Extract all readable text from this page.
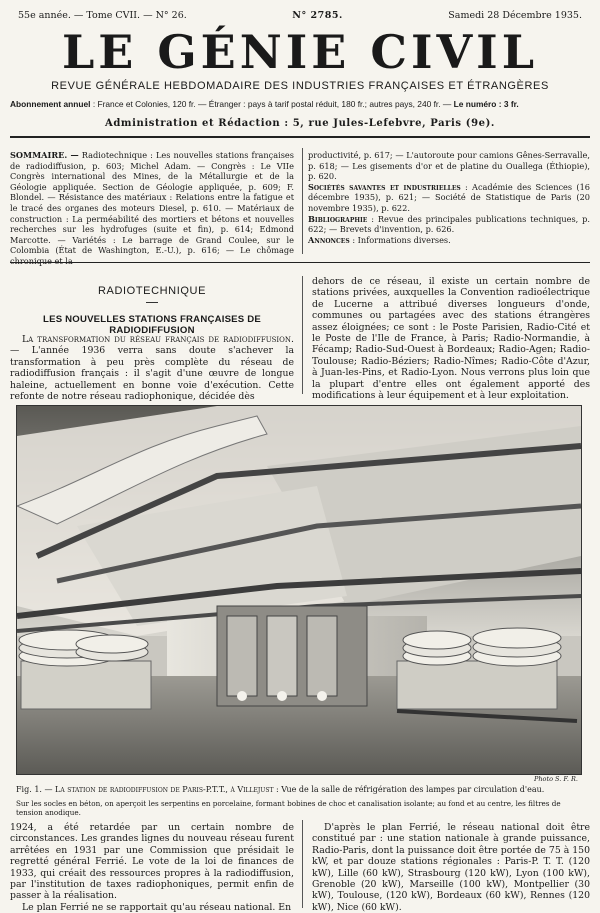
55e année. — Tome CVII. — N° 26.	N° 2785.	Samedi 28 Décembre 1935.
LE GÉNIE CIVIL
REVUE GÉNÉRALE HEBDOMADAIRE DES INDUSTRIES FRANÇAISES ET ÉTRANGÈRES
Abonnement annuel : France et Colonies, 120 fr. — Étranger : pays à tarif postal réduit, 180 fr.; autres pays, 240 fr. — Le numéro : 3 fr.
Administration et Rédaction : 5, rue Jules-Lefebvre, Paris (9e).
SOMMAIRE. — Radiotechnique : Les nouvelles stations françaises de radiodiffusion, p. 603; Michel Adam. — Congrès : Le VIIe Congrès international des Mines, de la Métallurgie et de la Géologie appliquée. Section de Géologie appliquée, p. 609; F. Blondel. — Résistance des matériaux : Relations entre la fatigue et le tracé des organes des moteurs Diesel, p. 610. — Matériaux de construction : La perméabilité des mortiers et bétons et nouvelles recherches sur les hydrofuges (suite et fin), p. 614; Edmond Marcotte. — Variétés : Le barrage de Grand Coulee, sur le Colombia (État de Washington, E.-U.), p. 616; — Le chômage chronique et la
productivité, p. 617; — L'autoroute pour camions Gênes-Serravalle, p. 618; — Les gisements d'or et de platine du Ouallega (Éthiopie), p. 620.
Sociétés savantes et industrielles : Académie des Sciences (16 décembre 1935), p. 621; — Société de Statistique de Paris (20 novembre 1935), p. 622.
Bibliographie : Revue des principales publications techniques, p. 622; — Brevets d'invention, p. 626.
Annonces : Informations diverses.
RADIOTECHNIQUE
LES NOUVELLES STATIONS FRANÇAISES DE RADIODIFFUSION
La transformation du réseau français de radiodiffusion. — L'année 1936 verra sans doute s'achever la transformation à peu près complète du réseau de radiodiffusion français : il s'agit d'une œuvre de longue haleine, actuellement en bonne voie d'exécution. Cette refonte de notre réseau radiophonique, décidée dès
dehors de ce réseau, il existe un certain nombre de stations privées, auxquelles la Convention radioélectrique de Lucerne a attribué diverses longueurs d'onde, communes ou partagées avec des stations étrangères assez éloignées; ce sont : le Poste Parisien, Radio-Cité et le Poste de l'Ile de France, à Paris; Radio-Normandie, à Fécamp; Radio-Sud-Ouest à Bordeaux; Radio-Agen; Radio-Toulouse; Radio-Béziers; Radio-Nîmes; Radio-Côte d'Azur, à Juan-les-Pins, et Radio-Lyon. Nous verrons plus loin que la plupart d'entre elles ont également apporté des modifications à leur équipement et à leur exploitation.
Photo S. F. R.
Fig. 1. — La station de radiodiffusion de Paris-P.T.T., à Villejust : Vue de la salle de réfrigération des lampes par circulation d'eau.
Sur les socles en béton, on aperçoit les serpentins en porcelaine, formant bobines de choc et canalisation isolante; au fond et au centre, les filtres de tension anodique.
1924, a été retardée par un certain nombre de circonstances. Les grandes lignes du nouveau réseau furent arrêtées en 1931 par une Commission que présidait le regretté général Ferrié. Le vote de la loi de finances de 1933, qui créait des ressources propres à la radiodiffusion, par l'institution de taxes radiophoniques, permit enfin de passer à la réalisation.
Le plan Ferrié ne se rapportait qu'au réseau national. En
D'après le plan Ferrié, le réseau national doit être constitué par : une station nationale à grande puissance, Radio-Paris, dont la puissance doit être portée de 75 à 150 kW, et par douze stations régionales : Paris-P. T. T. (120 kW), Lille (60 kW), Strasbourg (120 kW), Lyon (100 kW), Grenoble (20 kW), Marseille (100 kW), Montpellier (30 kW), Toulouse, (120 kW), Bordeaux (60 kW), Rennes (120 kW), Nice (60 kW).
